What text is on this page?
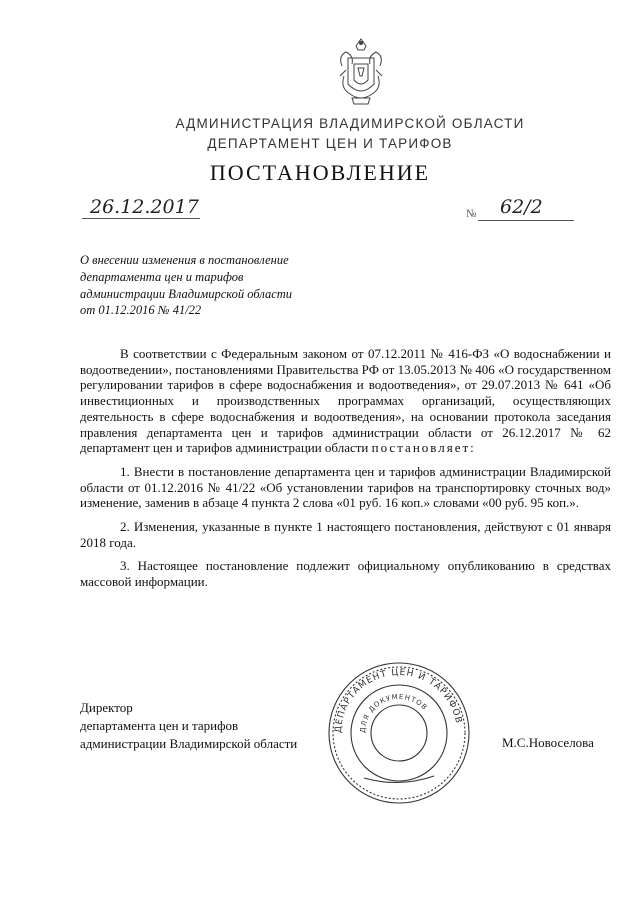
АДМИНИСТРАЦИЯ ВЛАДИМИРСКОЙ ОБЛАСТИ
ДЕПАРТАМЕНТ ЦЕН И ТАРИФОВ
ПОСТАНОВЛЕНИЕ
26.12.2017	№ 62/2
О внесении изменения в постановление
департамента цен и тарифов
администрации Владимирской области
от 01.12.2016 № 41/22

В соответствии с Федеральным законом от 07.12.2011 № 416-ФЗ «О водоснабжении и водоотведении», постановлениями Правительства РФ от 13.05.2013 № 406 «О государственном регулировании тарифов в сфере водоснабжения и водоотведения», от 29.07.2013 № 641 «Об инвестиционных и производственных программах организаций, осуществляющих деятельность в сфере водоснабжения и водоотведения», на основании протокола заседания правления департамента цен и тарифов администрации области от 26.12.2017 № 62 департамент цен и тарифов администрации области постановляет:

1. Внести в постановление департамента цен и тарифов администрации Владимирской области от 01.12.2016 № 41/22 «Об установлении тарифов на транспортировку сточных вод» изменение, заменив в абзаце 4 пункта 2 слова «01 руб. 16 коп.» словами «00 руб. 95 коп.».

2. Изменения, указанные в пункте 1 настоящего постановления, действуют с 01 января 2018 года.

3. Настоящее постановление подлежит официальному опубликованию в средствах массовой информации.

Директор
департамента цен и тарифов
администрации Владимирской области	М.С.Новоселова
ДЕПАРТАМЕНТ ЦЕН И ТАРИФОВ
ДЛЯ ДОКУМЕНТОВ
